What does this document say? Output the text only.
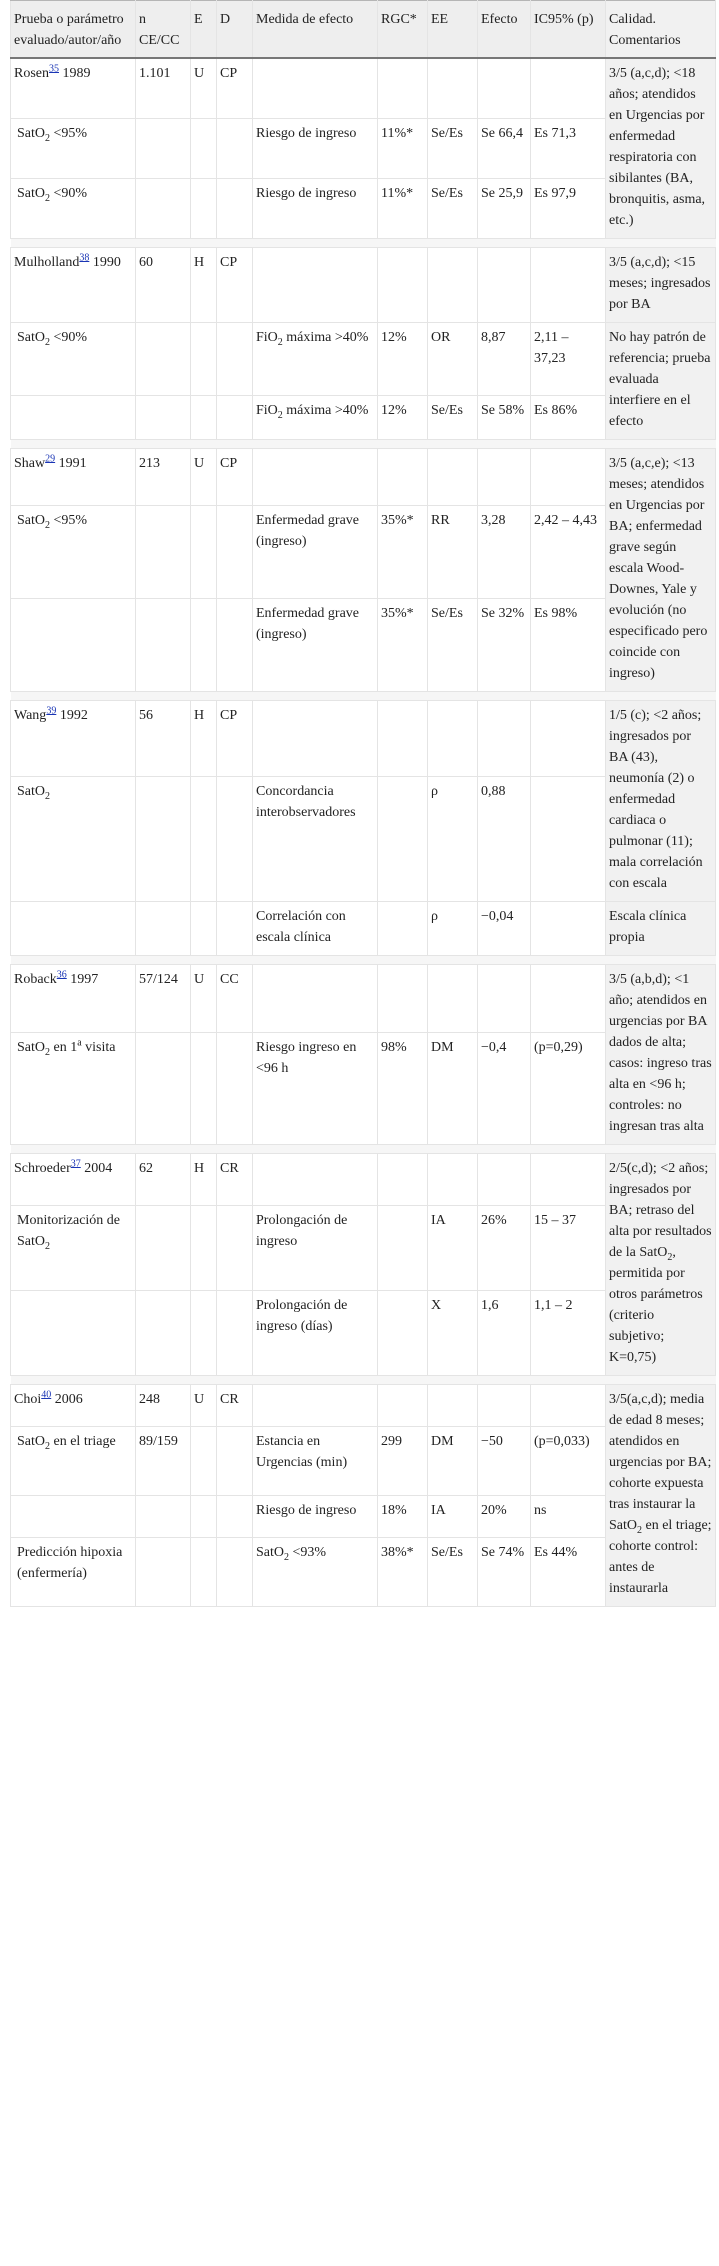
Prueba o parámetro evaluado/autor/año	n CE/CC	E	D	Medida de efecto	RGC*	EE	Efecto	IC95% (p)	Calidad. Comentarios
Rosen$^{35}$ 1989	1.101	U	CP						3/5 (a,c,d); <18 años; atendidos en Urgencias por enfermedad respiratoria con sibilantes (BA, bronquitis, asma, etc.)
SatO$_2$ <95%				Riesgo de ingreso	11%*	Se/Es	Se 66,4	Es 71,3	
SatO$_2$ <90%				Riesgo de ingreso	11%*	Se/Es	Se 25,9	Es 97,9	

Mulholland$^{38}$ 1990	60	H	CP						3/5 (a,c,d); <15 meses; ingresados por BA
SatO$_2$ <90%				FiO$_2$ máxima >40%	12%	OR	8,87	2,11 – 37,23	No hay patrón de referencia; prueba evaluada interfiere en el efecto
				FiO$_2$ máxima >40%	12%	Se/Es	Se 58%	Es 86%	

Shaw$^{29}$ 1991	213	U	CP						3/5 (a,c,e); <13 meses; atendidos en Urgencias por BA; enfermedad grave según escala Wood-Downes, Yale y evolución (no especificado pero coincide con ingreso)
SatO$_2$ <95%				Enfermedad grave (ingreso)	35%*	RR	3,28	2,42 – 4,43	
				Enfermedad grave (ingreso)	35%*	Se/Es	Se 32%	Es 98%	

Wang$^{39}$ 1992	56	H	CP						1/5 (c); <2 años; ingresados por BA (43), neumonía (2) o enfermedad cardiaca o pulmonar (11); mala correlación con escala
SatO$_2$				Concordancia interobservadores		ρ	0,88		
				Correlación con escala clínica		ρ	−0,04		Escala clínica propia

Roback$^{36}$ 1997	57/124	U	CC						3/5 (a,b,d); <1 año; atendidos en urgencias por BA dados de alta; casos: ingreso tras alta en <96 h; controles: no ingresan tras alta
SatO$_2$ en 1$^a$ visita				Riesgo ingreso en <96 h	98%	DM	−0,4	(p=0,29)	

Schroeder$^{37}$ 2004	62	H	CR						2/5(c,d); <2 años; ingresados por BA; retraso del alta por resultados de la SatO$_2$, permitida por otros parámetros (criterio subjetivo; K=0,75)
Monitorización de SatO$_2$				Prolongación de ingreso		IA	26%	15 – 37	
				Prolongación de ingreso (días)		X	1,6	1,1 – 2	

Choi$^{40}$ 2006	248	U	CR						3/5(a,c,d); media de edad 8 meses; atendidos en urgencias por BA; cohorte expuesta tras instaurar la SatO$_2$ en el triage; cohorte control: antes de instaurarla
SatO$_2$ en el triage	89/159			Estancia en Urgencias (min)	299	DM	−50	(p=0,033)	
				Riesgo de ingreso	18%	IA	20%	ns	
Predicción hipoxia (enfermería)				SatO$_2$ <93%	38%*	Se/Es	Se 74%	Es 44%	
